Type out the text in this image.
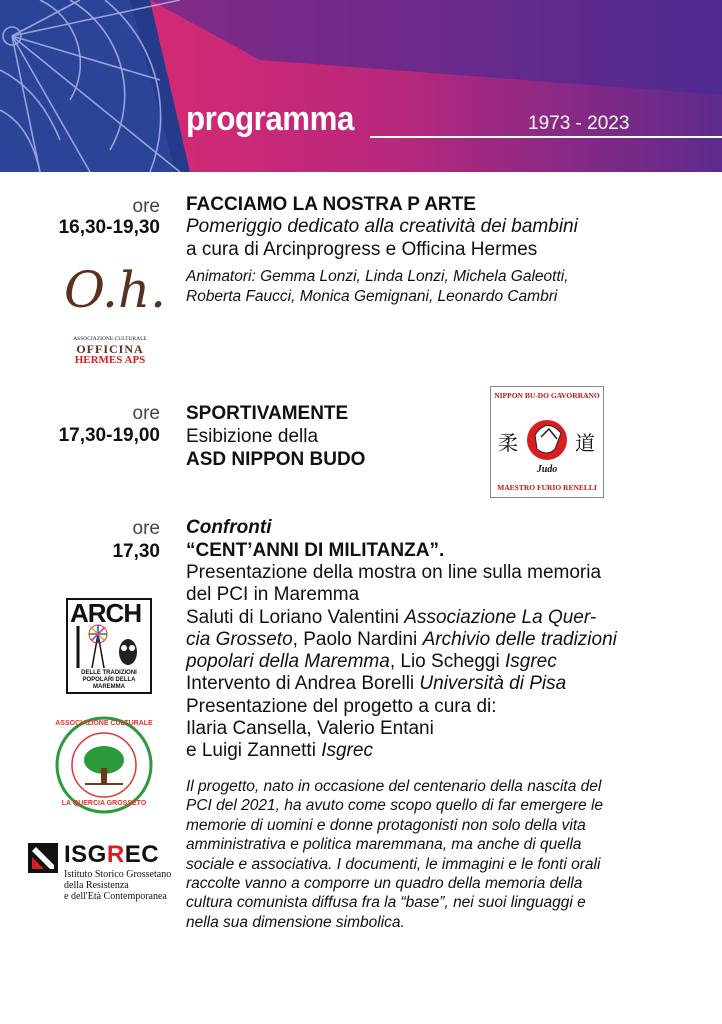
programma	1973 - 2023
ore
16,30-19,30
FACCIAMO LA NOSTRA P ARTE
Pomeriggio dedicato alla creatività dei bambini
a cura di Arcinprogress e Officina Hermes
Animatori: Gemma Lonzi, Linda Lonzi, Michela Galeotti,
Roberta Faucci, Monica Gemignani, Leonardo Cambri
O.h.
ASSOCIAZIONE CULTURALE
OFFICINA
HERMES APS
ore
17,30-19,00
SPORTIVAMENTE
Esibizione della
ASD NIPPON BUDO
NIPPON BU-DO GAVORRANO
柔	道
Judo
MAESTRO FURIO RENELLI
ore
17,30
Confronti
“CENT’ANNI DI MILITANZA”.
Presentazione della mostra on line sulla memoria
del PCI in Maremma
Saluti di Loriano Valentini Associazione La Quer-
cia Grosseto, Paolo Nardini Archivio delle tradizioni
popolari della Maremma, Lio Scheggi Isgrec
Intervento di Andrea Borelli Università di Pisa
Presentazione del progetto a cura di:
Ilaria Cansella, Valerio Entani
e Luigi Zannetti Isgrec
Il progetto, nato in occasione del centenario della nascita del
PCI del 2021, ha avuto come scopo quello di far emergere le
memorie di uomini e donne protagonisti non solo della vita
amministrativa e politica maremmana, ma anche di quella
sociale e associativa. I documenti, le immagini e le fonti orali
raccolte vanno a comporre un quadro della memoria della
cultura comunista diffusa fra la “base”, nei suoi linguaggi e
nella sua dimensione simbolica.
ARCH
DELLE TRADIZIONI
POPOLARI DELLA
MAREMMA
ASSOCIAZIONE CULTURALE
LA QUERCIA GROSSETO
ISGREC
Istituto Storico Grossetano
della Resistenza
e dell'Età Contemporanea
